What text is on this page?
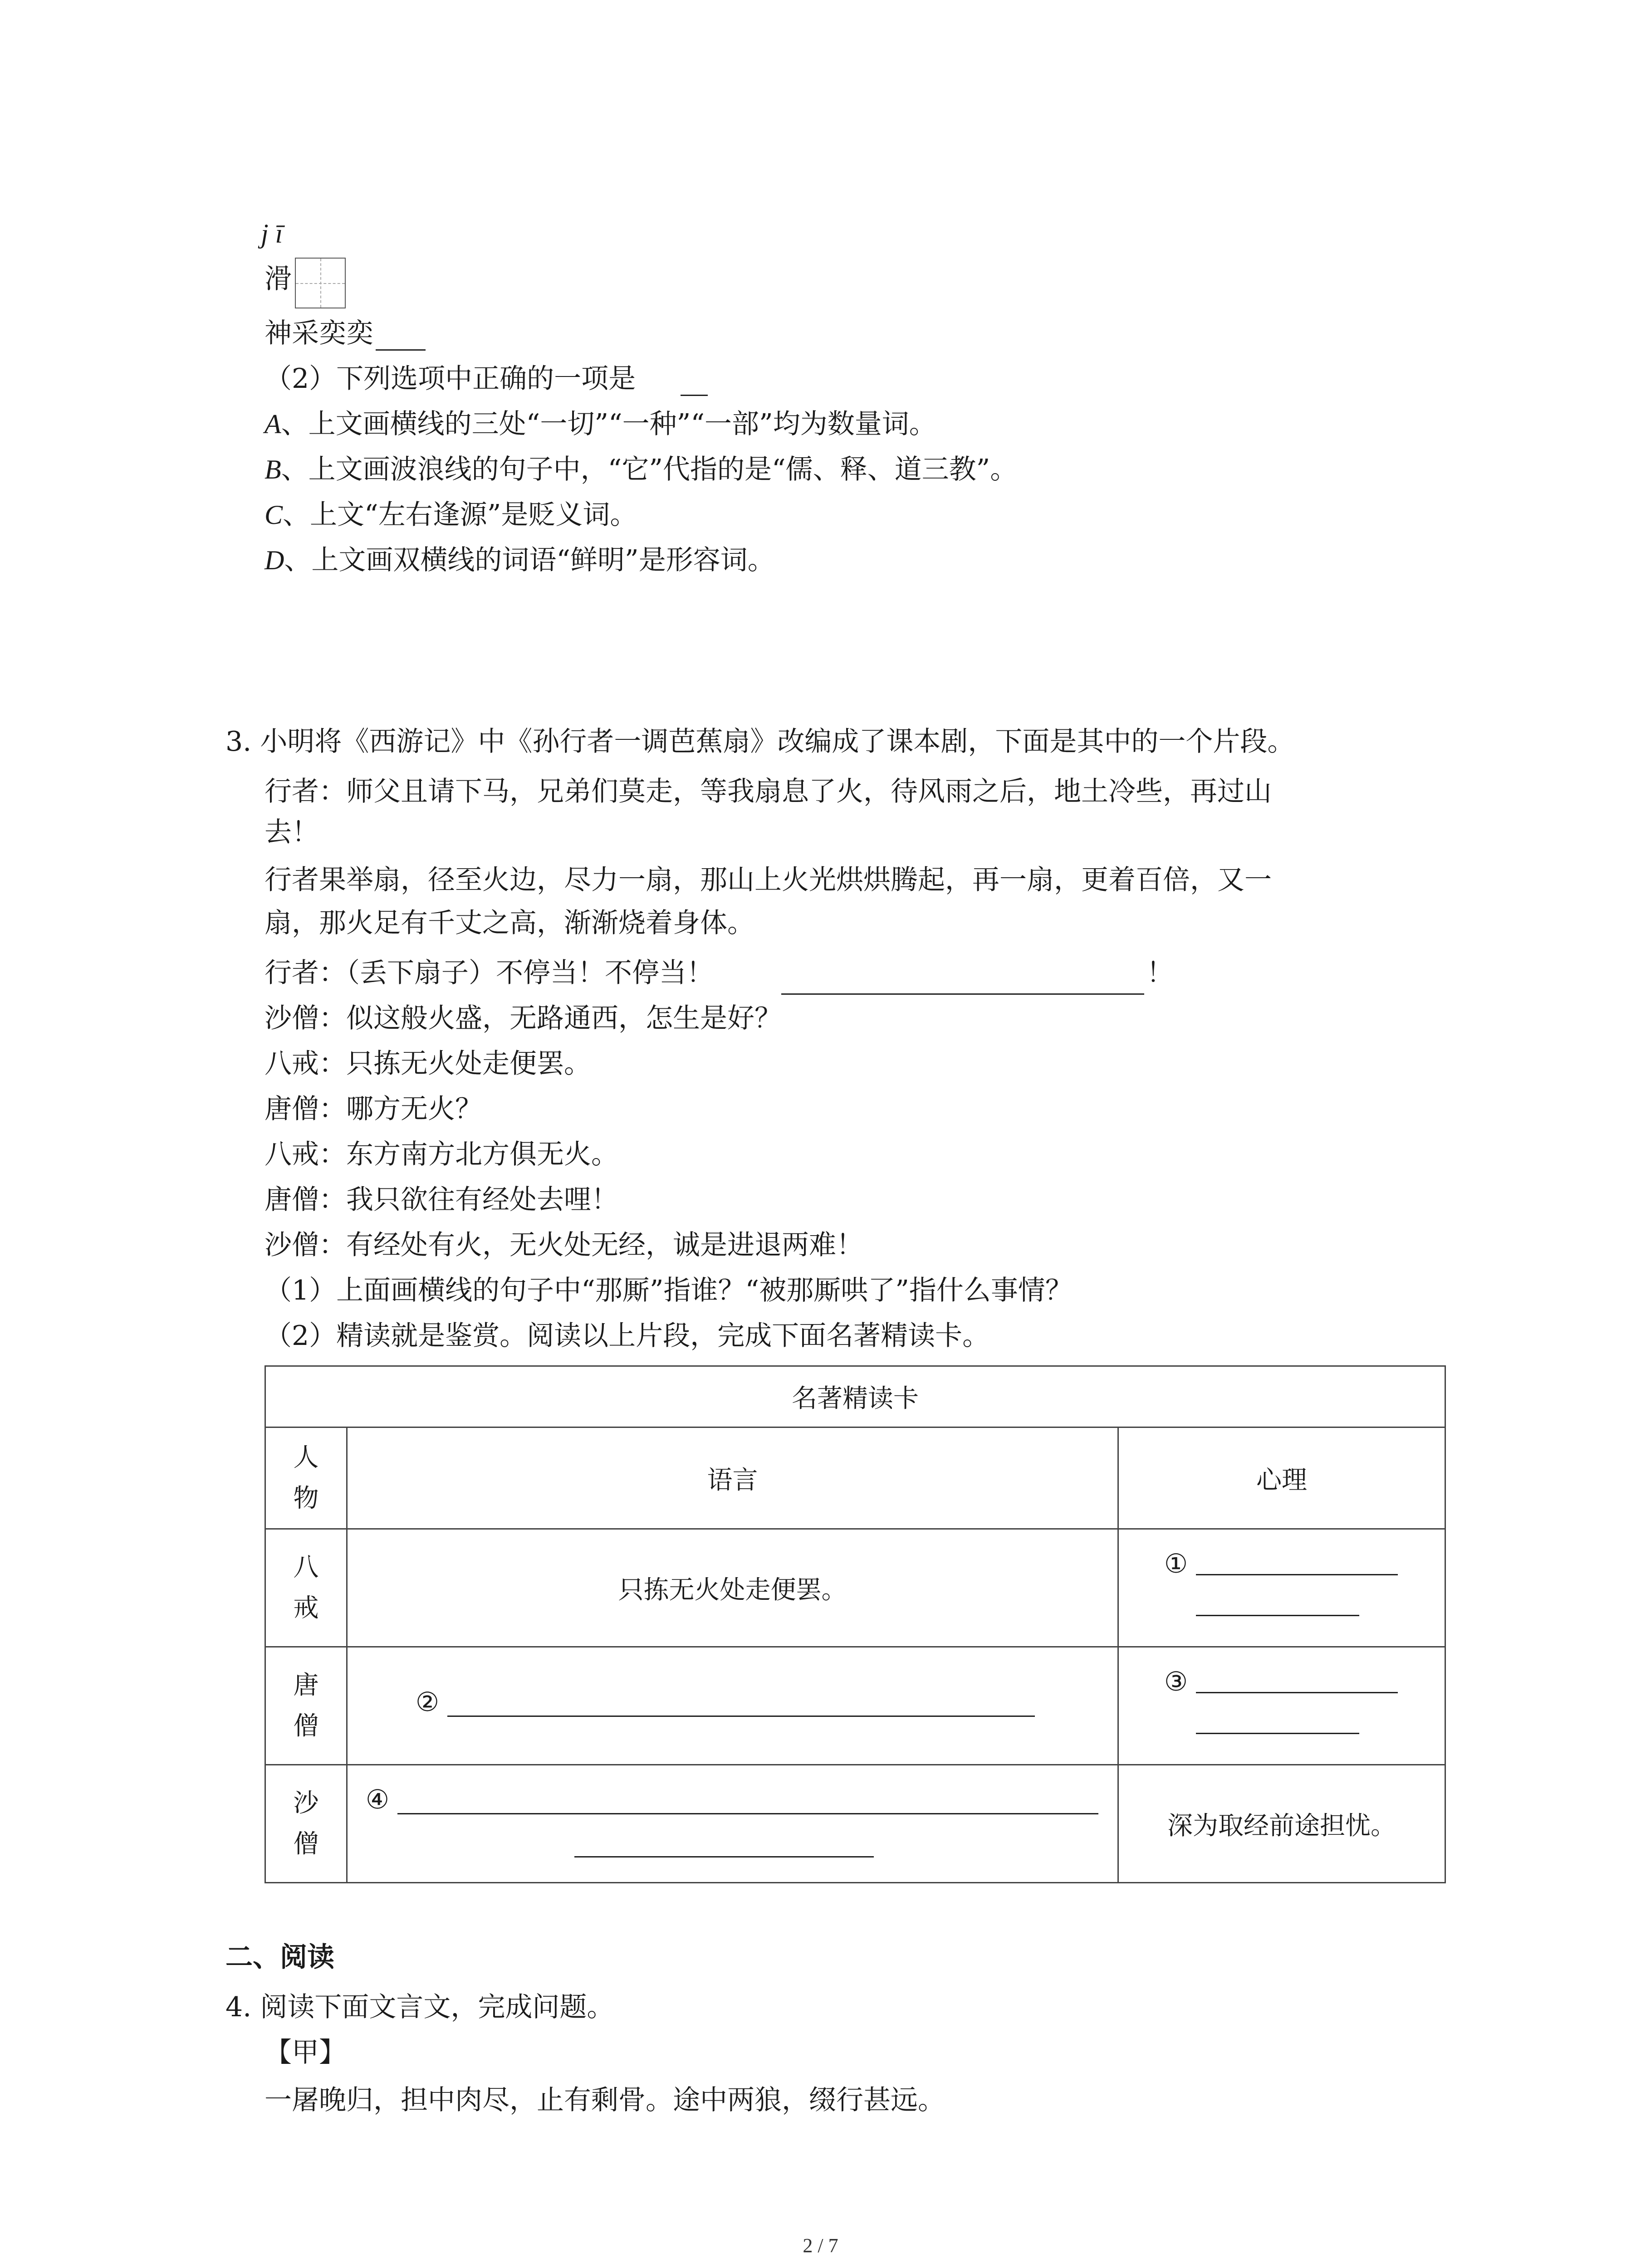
j ī
滑
神采奕奕
（2）下列选项中正确的一项是
A、上文画横线的三处“一切”“一种”“一部”均为数量词。
B、上文画波浪线的句子中，“它”代指的是“儒、释、道三教”。
C、上文“左右逢源”是贬义词。
D、上文画双横线的词语“鲜明”是形容词。
3. 小明将《西游记》中《孙行者一调芭蕉扇》改编成了课本剧，下面是其中的一个片段。
行者：师父且请下马，兄弟们莫走，等我扇息了火，待风雨之后，地土冷些，再过山
去！
行者果举扇，径至火边，尽力一扇，那山上火光烘烘腾起，再一扇，更着百倍，又一
扇，那火足有千丈之高，渐渐烧着身体。
行者：（丢下扇子）不停当！不停当！	！
沙僧：似这般火盛，无路通西，怎生是好？
八戒：只拣无火处走便罢。
唐僧：哪方无火？
八戒：东方南方北方俱无火。
唐僧：我只欲往有经处去哩！
沙僧：有经处有火，无火处无经，诚是进退两难！
（1）上面画横线的句子中“那厮”指谁？“被那厮哄了”指什么事情？
（2）精读就是鉴赏。阅读以上片段，完成下面名著精读卡。
名著精读卡		

人
物	语言	心理

八
戒	只拣无火处走便罢。	①

唐
僧	②	③

沙
僧	④	深为取经前途担忧。
二、阅读
4. 阅读下面文言文，完成问题。
【甲】
一屠晚归，担中肉尽，止有剩骨。途中两狼，缀行甚远。
2 / 7
